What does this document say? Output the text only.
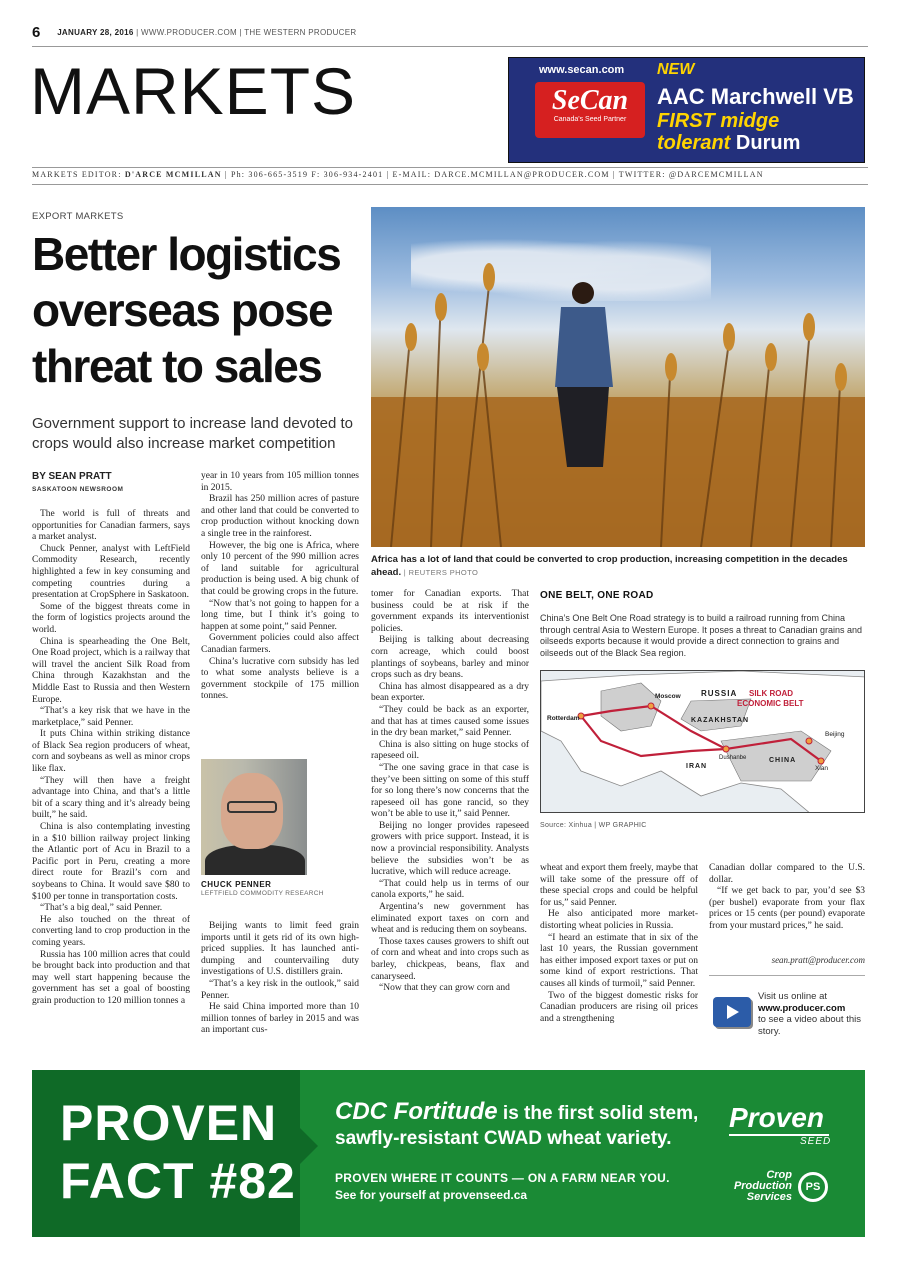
6 JANUARY 28, 2016 | WWW.PRODUCER.COM | THE WESTERN PRODUCER
MARKETS	www.secan.com NEW
SeCan
Canada's Seed Partner
AAC Marchwell VB
FIRST midge
tolerant Durum
MARKETS EDITOR: D'ARCE MCMILLAN | Ph: 306-665-3519 F: 306-934-2401 | E-MAIL: DARCE.MCMILLAN@PRODUCER.COM | TWITTER: @DARCEMCMILLAN
EXPORT MARKETS
Better logistics overseas pose threat to sales
Government support to increase land devoted to crops would also increase market competition
Africa has a lot of land that could be converted to crop production, increasing competition in the decades ahead. | REUTERS PHOTO
BY SEAN PRATT
SASKATOON NEWSROOM

The world is full of threats and opportunities for Canadian farmers, says a market analyst.

Chuck Penner, analyst with LeftField Commodity Research, recently highlighted a few in key consuming and competing countries during a presentation at CropSphere in Saskatoon.

Some of the biggest threats come in the form of logistics projects around the world.

China is spearheading the One Belt, One Road project, which is a railway that will travel the ancient Silk Road from China through Kazakhstan and the Middle East to Russia and then Western Europe.

“That’s a key risk that we have in the marketplace,” said Penner.

It puts China within striking distance of Black Sea region producers of wheat, corn and soybeans as well as minor crops like flax.

“They will then have a freight advantage into China, and that’s a little bit of a scary thing and it’s already being built,” he said.

China is also contemplating investing in a $10 billion railway project linking the Atlantic port of Acu in Brazil to a Pacific port in Peru, creating a more direct route for Brazil’s corn and soybeans to China. It would save $80 to $100 per tonne in transportation costs.

“That’s a big deal,” said Penner.

He also touched on the threat of converting land to crop production in the coming years.

Russia has 100 million acres that could be brought back into production and that may well start happening because the government has set a goal of boosting grain production to 120 million tonnes a

year in 10 years from 105 million tonnes in 2015.

Brazil has 250 million acres of pasture and other land that could be converted to crop production without knocking down a single tree in the rainforest.

However, the big one is Africa, where only 10 percent of the 990 million acres of land suitable for agricultural production is being used. A big chunk of that could be growing crops in the future.

“Now that’s not going to happen for a long time, but I think it’s going to happen at some point,” said Penner.

Government policies could also affect Canadian farmers.

China’s lucrative corn subsidy has led to what some analysts believe is a government stockpile of 175 million tonnes.

CHUCK PENNER
LEFTFIELD COMMODITY RESEARCH

Beijing wants to limit feed grain imports until it gets rid of its own high-priced supplies. It has launched anti-dumping and countervailing duty investigations of U.S. distillers grain.

“That’s a key risk in the outlook,” said Penner.

He said China imported more than 10 million tonnes of barley in 2015 and was an important cus-

tomer for Canadian exports. That business could be at risk if the government expands its interventionist policies.

Beijing is talking about decreasing corn acreage, which could boost plantings of soybeans, barley and minor crops such as dry beans.

China has almost disappeared as a dry bean exporter.

“They could be back as an exporter, and that has at times caused some issues in the dry bean market,” said Penner.

China is also sitting on huge stocks of rapeseed oil.

“The one saving grace in that case is they’ve been sitting on some of this stuff for so long there’s now concerns that the rapeseed oil has gone rancid, so they won’t be able to use it,” said Penner.

Beijing no longer provides rapeseed growers with price support. Instead, it is now a provincial responsibility. Analysts believe the subsidies won’t be as lucrative, which will reduce acreage.

“That could help us in terms of our canola exports,” he said.

Argentina’s new government has eliminated export taxes on corn and wheat and is reducing them on soybeans.

Those taxes causes growers to shift out of corn and wheat and into crops such as barley, chickpeas, beans, flax and canaryseed.

“Now that they can grow corn and

ONE BELT, ONE ROAD
China’s One Belt One Road strategy is to build a railroad running from China through central Asia to Western Europe. It poses a threat to Canadian grains and oilseeds exports because it would provide a direct connection to grains and oilseeds out of the Black Sea region.
RUSSIA SILK ROAD
ECONOMIC BELT
Moscow
Rotterdam	KAZAKHSTAN
IRAN
Dushanbe	CHINA
Beijing
Xian
Source: Xinhua | WP GRAPHIC

wheat and export them freely, maybe that will take some of the pressure off of these special crops and could be helpful for us,” said Penner.

He also anticipated more market-distorting wheat policies in Russia.

“I heard an estimate that in six of the last 10 years, the Russian government has either imposed export taxes or put on some kind of export restrictions. That causes all kinds of turmoil,” said Penner.

Two of the biggest domestic risks for Canadian producers are rising oil prices and a strengthening

Canadian dollar compared to the U.S. dollar.

“If we get back to par, you’d see $3 (per bushel) evaporate from your flax prices or 15 cents (per pound) evaporate from your mustard prices,” he said.

sean.pratt@producer.com
Visit us online at
www.producer.com
to see a video about this story.
PROVEN
FACT #82
CDC Fortitude is the first solid stem,
sawfly-resistant CWAD wheat variety.
PROVEN WHERE IT COUNTS — ON A FARM NEAR YOU.
See for yourself at provenseed.ca
Proven
SEED
Crop Production Services
PS
